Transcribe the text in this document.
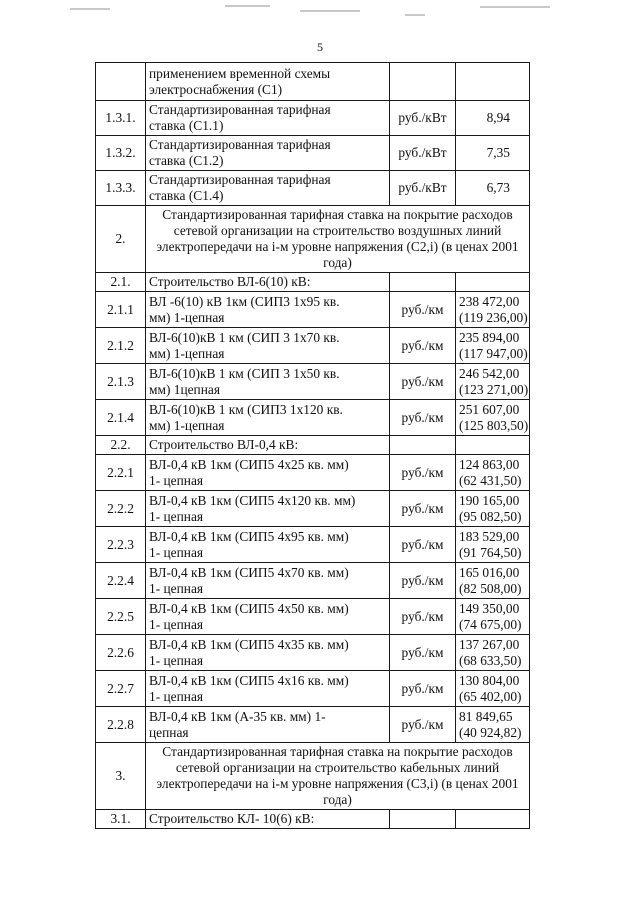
5

	применением временной схемы
электроснабжения (С1)		

1.3.1.	Стандартизированная тарифная
ставка (С1.1)	руб./кВт	8,94

1.3.2.	Стандартизированная тарифная
ставка (С1.2)	руб./кВт	7,35

1.3.3.	Стандартизированная тарифная
ставка (С1.4)	руб./кВт	6,73

2.	Стандартизированная тарифная ставка на покрытие расходов
сетевой организации на строительство воздушных линий
электропередачи на i-м уровне напряжения (С2,i) (в ценах 2001
года)		

2.1.	Строительство ВЛ-6(10) кВ:		

2.1.1	ВЛ -6(10) кВ 1км (СИП3 1х95 кв.
мм) 1-цепная	руб./км	238 472,00
(119 236,00)

2.1.2	ВЛ-6(10)кВ 1 км (СИП 3 1х70 кв.
мм) 1-цепная	руб./км	235 894,00
(117 947,00)

2.1.3	ВЛ-6(10)кВ 1 км (СИП 3 1х50 кв.
мм) 1цепная	руб./км	246 542,00
(123 271,00)

2.1.4	ВЛ-6(10)кВ 1 км (СИП3 1х120 кв.
мм) 1-цепная	руб./км	251 607,00
(125 803,50)

2.2.	Строительство ВЛ-0,4 кВ:		

2.2.1	ВЛ-0,4 кВ 1км (СИП5 4х25 кв. мм)
1- цепная	руб./км	124 863,00
(62 431,50)

2.2.2	ВЛ-0,4 кВ 1км (СИП5 4х120 кв. мм)
1- цепная	руб./км	190 165,00
(95 082,50)

2.2.3	ВЛ-0,4 кВ 1км (СИП5 4х95 кв. мм)
1- цепная	руб./км	183 529,00
(91 764,50)

2.2.4	ВЛ-0,4 кВ 1км (СИП5 4х70 кв. мм)
1- цепная	руб./км	165 016,00
(82 508,00)

2.2.5	ВЛ-0,4 кВ 1км (СИП5 4х50 кв. мм)
1- цепная	руб./км	149 350,00
(74 675,00)

2.2.6	ВЛ-0,4 кВ 1км (СИП5 4х35 кв. мм)
1- цепная	руб./км	137 267,00
(68 633,50)

2.2.7	ВЛ-0,4 кВ 1км (СИП5 4х16 кв. мм)
1- цепная	руб./км	130 804,00
(65 402,00)

2.2.8	ВЛ-0,4 кВ 1км (А-35 кв. мм) 1-
цепная	руб./км	81 849,65
(40 924,82)

3.	Стандартизированная тарифная ставка на покрытие расходов
сетевой организации на строительство кабельных линий
электропередачи на i-м уровне напряжения (С3,i) (в ценах 2001
года)		

3.1.	Строительство КЛ- 10(6) кВ:		
